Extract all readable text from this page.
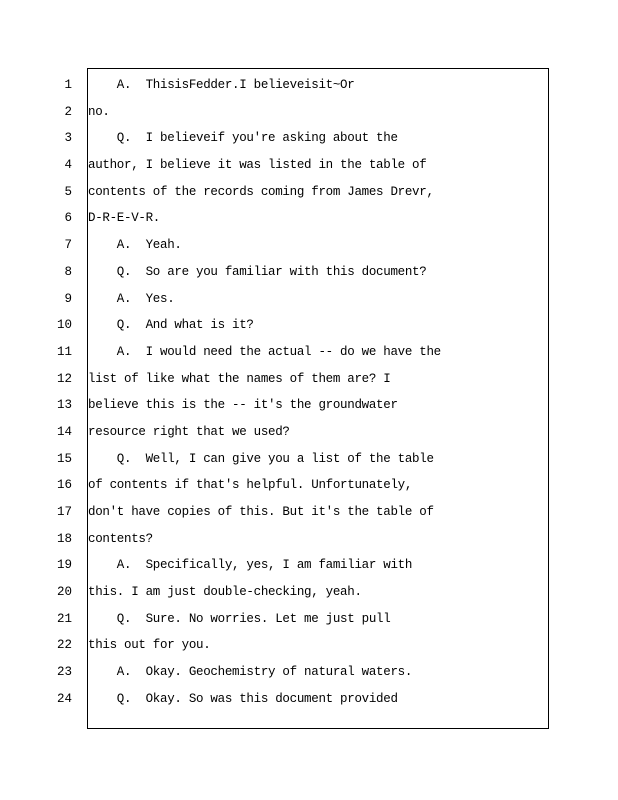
1 A.  ThisisFedder.I believeisit~Or
2 no.
3 Q.  I believeif you're asking about the
4 author, I believe it was listed in the table of
5 contents of the records coming from James Drevr,
6 D-R-E-V-R.
7 A.  Yeah.
8 Q.  So are you familiar with this document?
9 A.  Yes.
10 Q.  And what is it?
11 A.  I would need the actual -- do we have the
12 list of like what the names of them are? I
13 believe this is the -- it's the groundwater
14 resource right that we used?
15 Q.  Well, I can give you a list of the table
16 of contents if that's helpful. Unfortunately,
17 don't have copies of this. But it's the table of
18 contents?
19 A.  Specifically, yes, I am familiar with
20 this. I am just double-checking, yeah.
21 Q.  Sure. No worries. Let me just pull
22 this out for you.
23 A.  Okay. Geochemistry of natural waters.
24 Q.  Okay. So was this document provided
